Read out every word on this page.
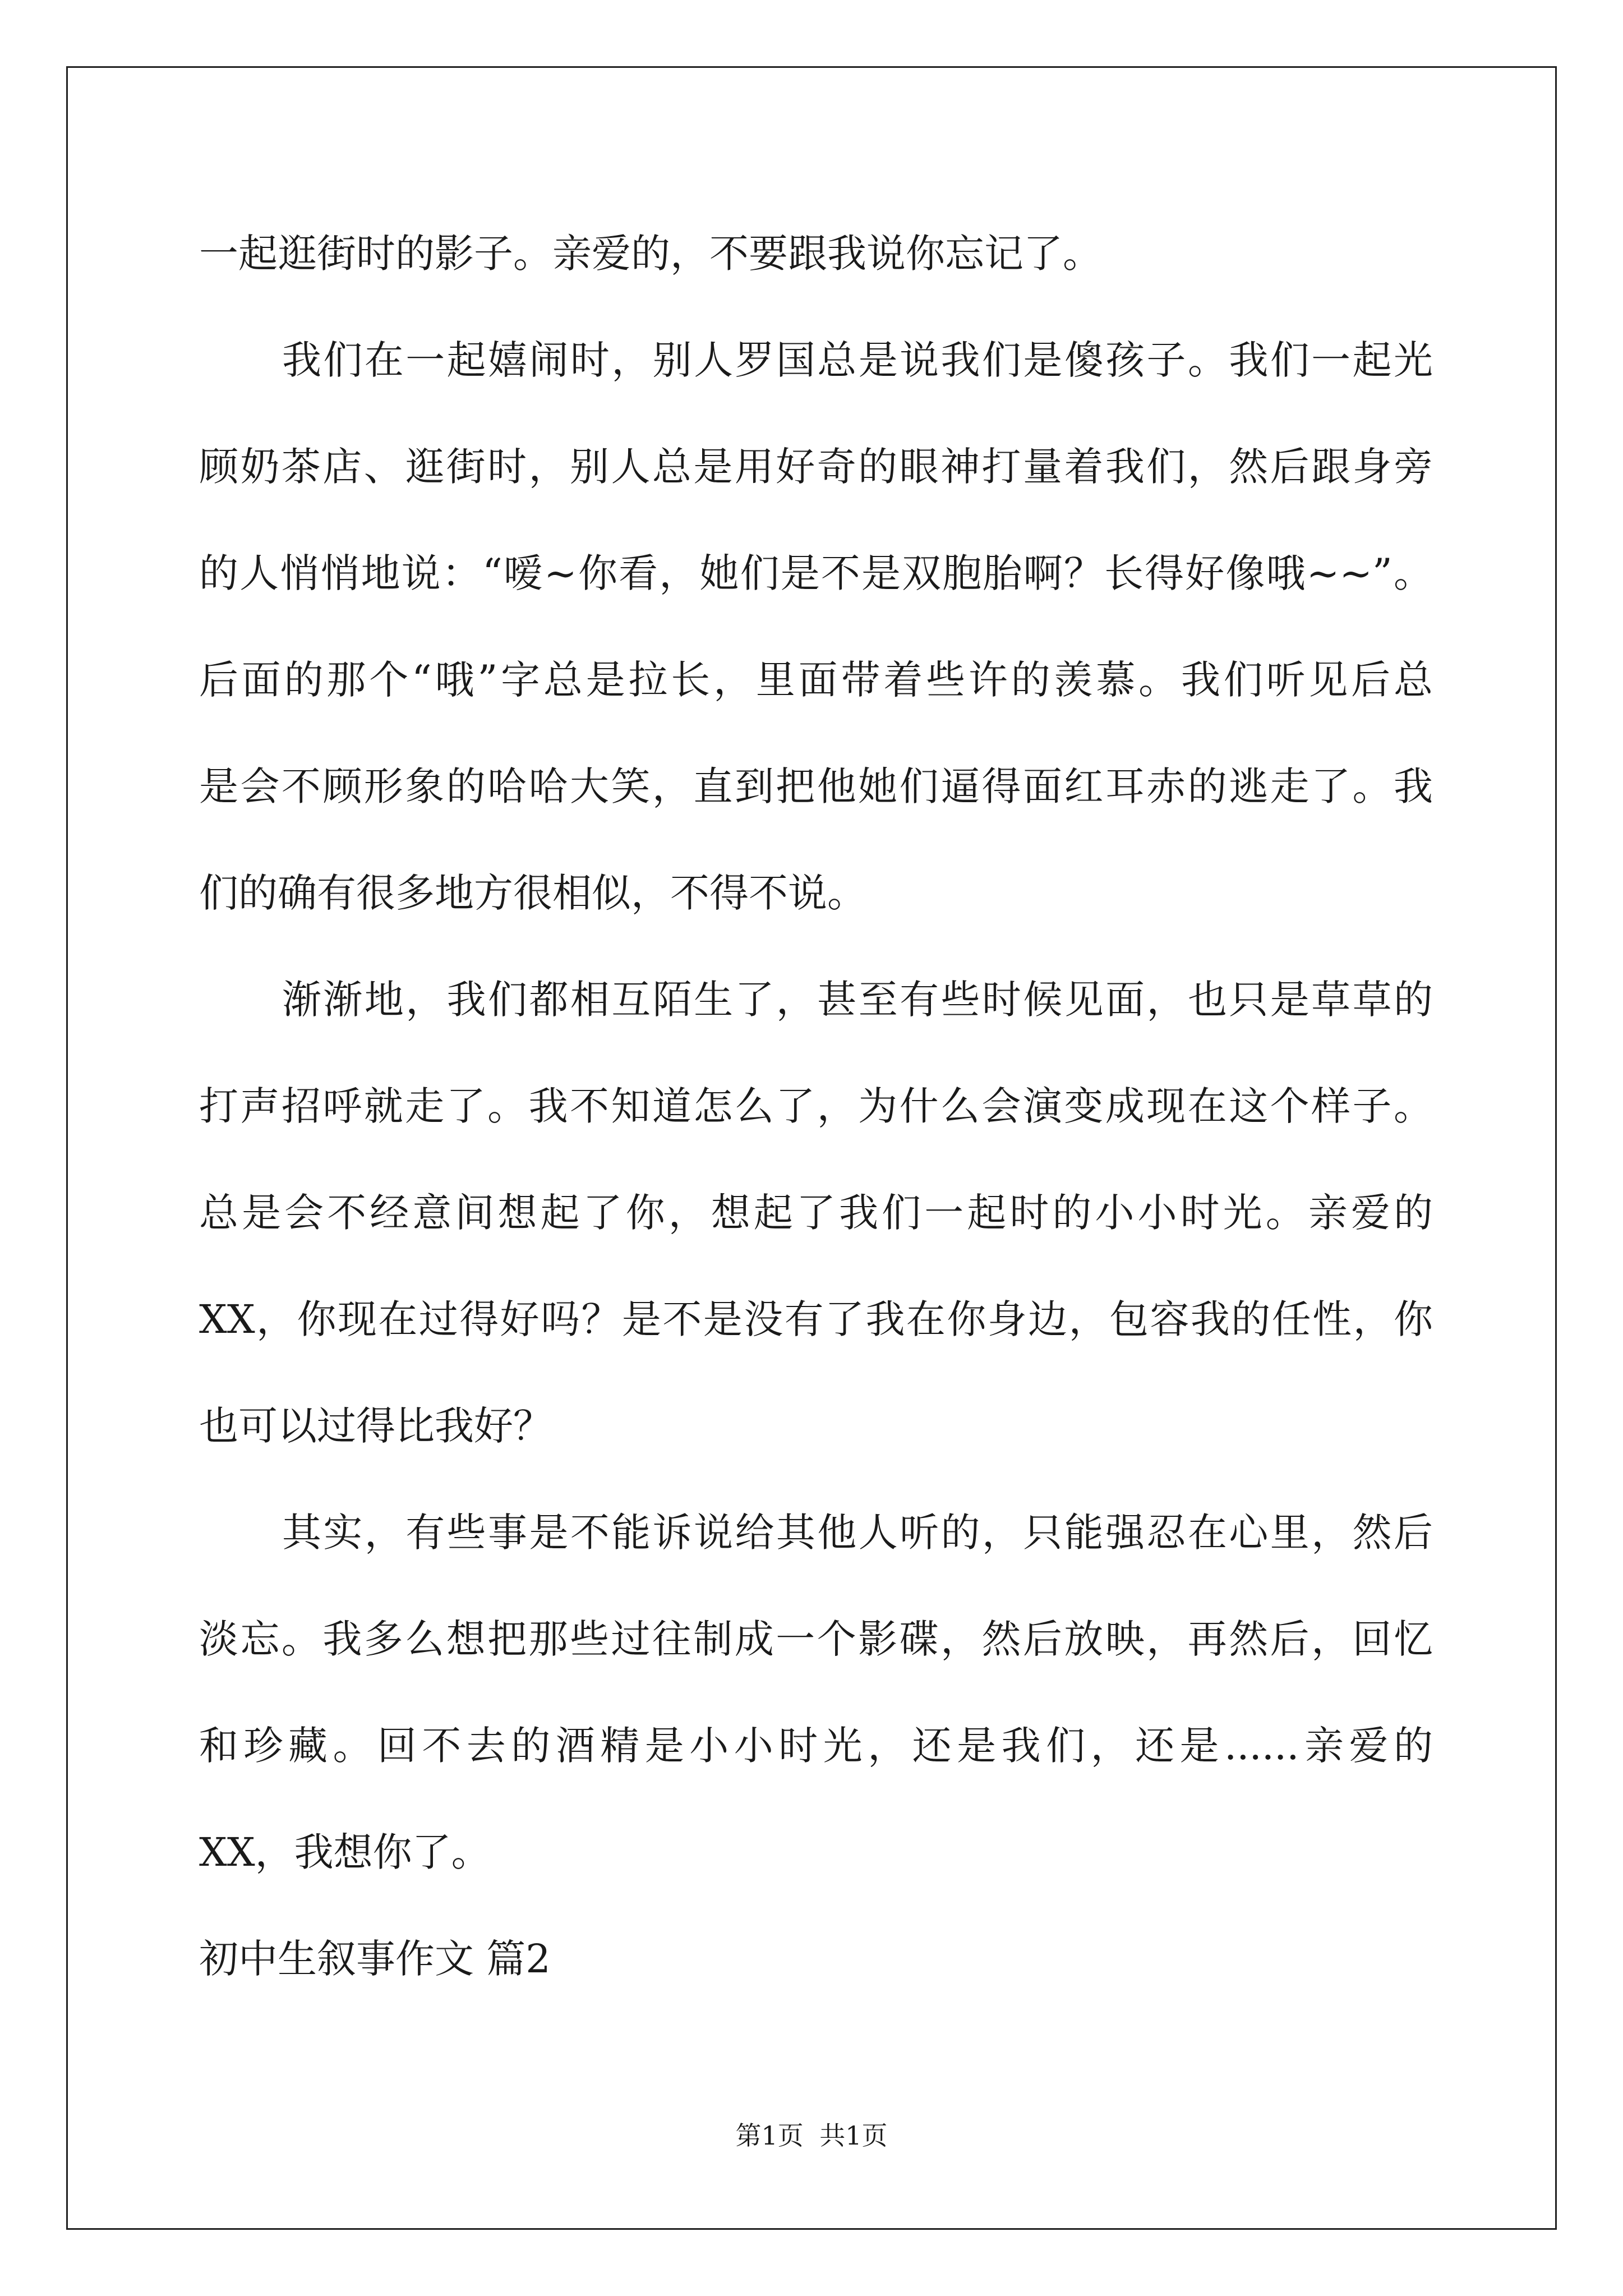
一起逛街时的影子。亲爱的，不要跟我说你忘记了。
我们在一起嬉闹时，别人罗国总是说我们是傻孩子。我们一起光
顾奶茶店、逛街时，别人总是用好奇的眼神打量着我们，然后跟身旁
的人悄悄地说：“嗳~你看，她们是不是双胞胎啊？长得好像哦~~”。
后面的那个“哦”字总是拉长，里面带着些许的羡慕。我们听见后总
是会不顾形象的哈哈大笑，直到把他她们逼得面红耳赤的逃走了。我
们的确有很多地方很相似，不得不说。
渐渐地，我们都相互陌生了，甚至有些时候见面，也只是草草的
打声招呼就走了。我不知道怎么了，为什么会演变成现在这个样子。
总是会不经意间想起了你，想起了我们一起时的小小时光。亲爱的
XX，你现在过得好吗？是不是没有了我在你身边，包容我的任性，你
也可以过得比我好？
其实，有些事是不能诉说给其他人听的，只能强忍在心里，然后
淡忘。我多么想把那些过往制成一个影碟，然后放映，再然后，回忆
和珍藏。回不去的酒精是小小时光，还是我们，还是......亲爱的
XX，我想你了。
初中生叙事作文 篇2
第1页 共1页
